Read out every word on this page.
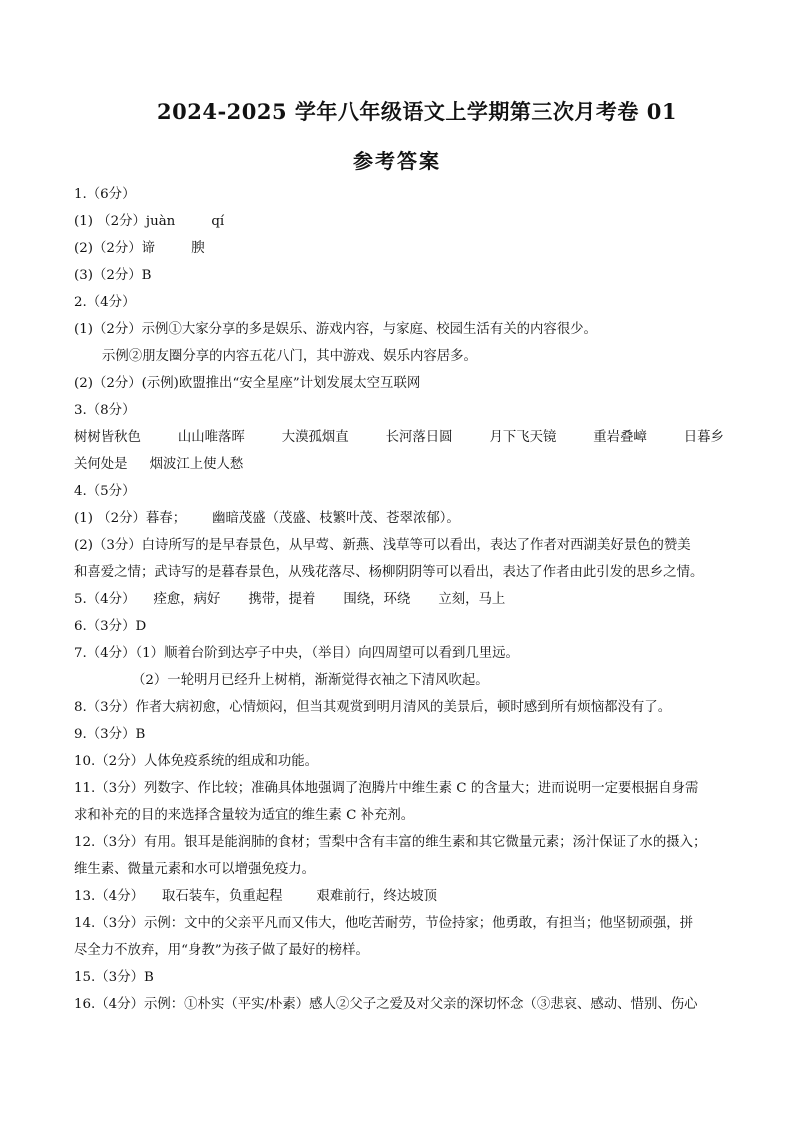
2024-2025 学年八年级语文上学期第三次月考卷 01
参考答案
1.（6分）
(1) （2分）juàn	qí
(2)（2分）谛	腴
(3)（2分）B
2.（4分）
(1)（2分）示例①大家分享的多是娱乐、游戏内容，与家庭、校园生活有关的内容很少。
示例②朋友圈分享的内容五花八门，其中游戏、娱乐内容居多。
(2)（2分）(示例)欧盟推出“安全星座”计划发展太空互联网
3.（8分）
树树皆秋色	山山唯落晖	大漠孤烟直	长河落日圆	月下飞天镜	重岩叠嶂	日暮乡
关何处是 烟波江上使人愁
4.（5分）
(1) （2分）暮春； 幽暗茂盛（茂盛、枝繁叶茂、苍翠浓郁）。
(2)（3分）白诗所写的是早春景色，从早莺、新燕、浅草等可以看出，表达了作者对西湖美好景色的赞美
和喜爱之情；武诗写的是暮春景色，从残花落尽、杨柳阴阴等可以看出，表达了作者由此引发的思乡之情。
5.（4分） 痊愈，病好 携带，提着 围绕，环绕 立刻，马上
6.（3分）D
7.（4分）（1）顺着台阶到达亭子中央，（举目）向四周望可以看到几里远。
（2）一轮明月已经升上树梢，渐渐觉得衣袖之下清风吹起。
8.（3分）作者大病初愈，心情烦闷，但当其观赏到明月清风的美景后，顿时感到所有烦恼都没有了。
9.（3分）B
10.（2分）人体免疫系统的组成和功能。
11.（3分）列数字、作比较；准确具体地强调了泡腾片中维生素 C 的含量大；进而说明一定要根据自身需
求和补充的目的来选择含量较为适宜的维生素 C 补充剂。
12.（3分）有用。银耳是能润肺的食材；雪梨中含有丰富的维生素和其它微量元素；汤汁保证了水的摄入；
维生素、微量元素和水可以增强免疫力。
13.（4分） 取石装车，负重起程	艰难前行，终达坡顶
14.（3分）示例：文中的父亲平凡而又伟大，他吃苦耐劳，节俭持家；他勇敢，有担当；他坚韧顽强，拼
尽全力不放弃，用“身教”为孩子做了最好的榜样。
15.（3分）B
16.（4分）示例：①朴实（平实/朴素）感人②父子之爱及对父亲的深切怀念（③悲哀、感动、惜别、伤心
